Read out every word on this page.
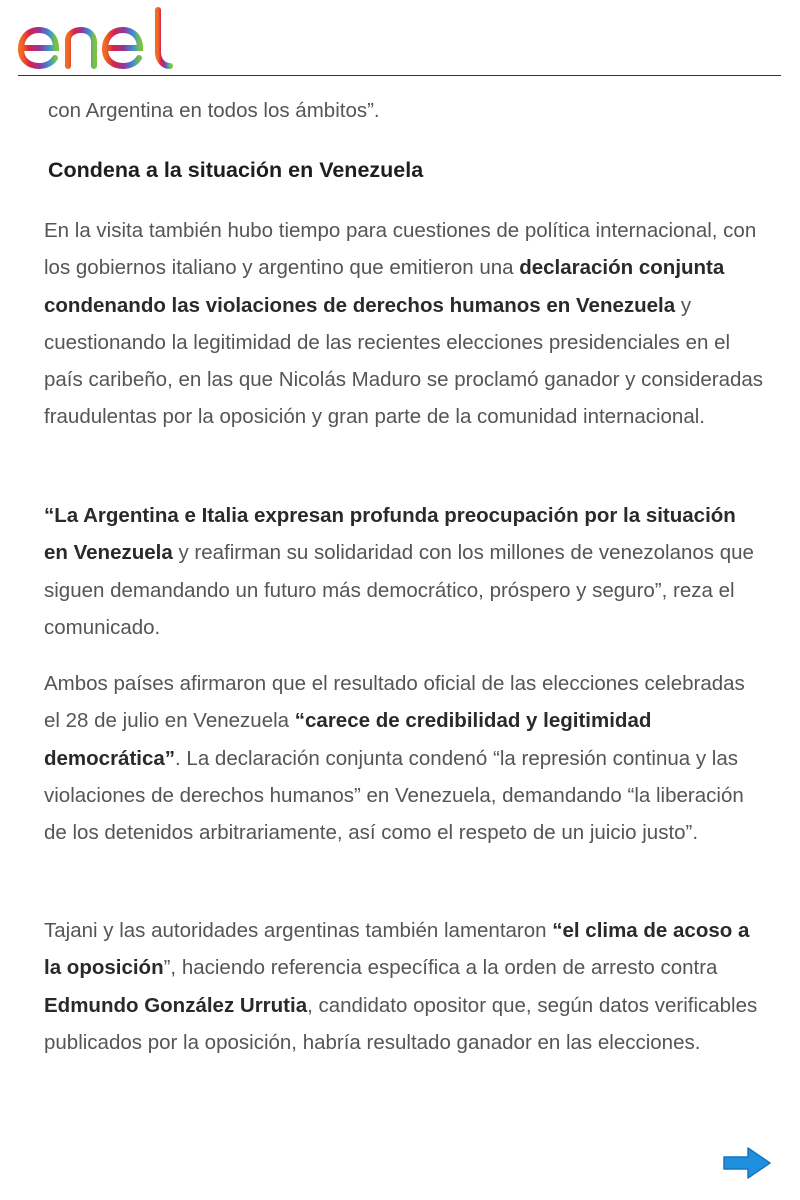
con Argentina en todos los ámbitos”.

Condena a la situación en Venezuela

En la visita también hubo tiempo para cuestiones de política internacional, con los gobiernos italiano y argentino que emitieron una declaración conjunta condenando las violaciones de derechos humanos en Venezuela y cuestionando la legitimidad de las recientes elecciones presidenciales en el país caribeño, en las que Nicolás Maduro se proclamó ganador y consideradas fraudulentas por la oposición y gran parte de la comunidad internacional.

“La Argentina e Italia expresan profunda preocupación por la situación en Venezuela y reafirman su solidaridad con los millones de venezolanos que siguen demandando un futuro más democrático, próspero y seguro”, reza el comunicado.

Ambos países afirmaron que el resultado oficial de las elecciones celebradas el 28 de julio en Venezuela “carece de credibilidad y legitimidad democrática”. La declaración conjunta condenó “la represión continua y las violaciones de derechos humanos” en Venezuela, demandando “la liberación de los detenidos arbitrariamente, así como el respeto de un juicio justo”.

Tajani y las autoridades argentinas también lamentaron “el clima de acoso a la oposición”, haciendo referencia específica a la orden de arresto contra Edmundo González Urrutia, candidato opositor que, según datos verificables publicados por la oposición, habría resultado ganador en las elecciones.
